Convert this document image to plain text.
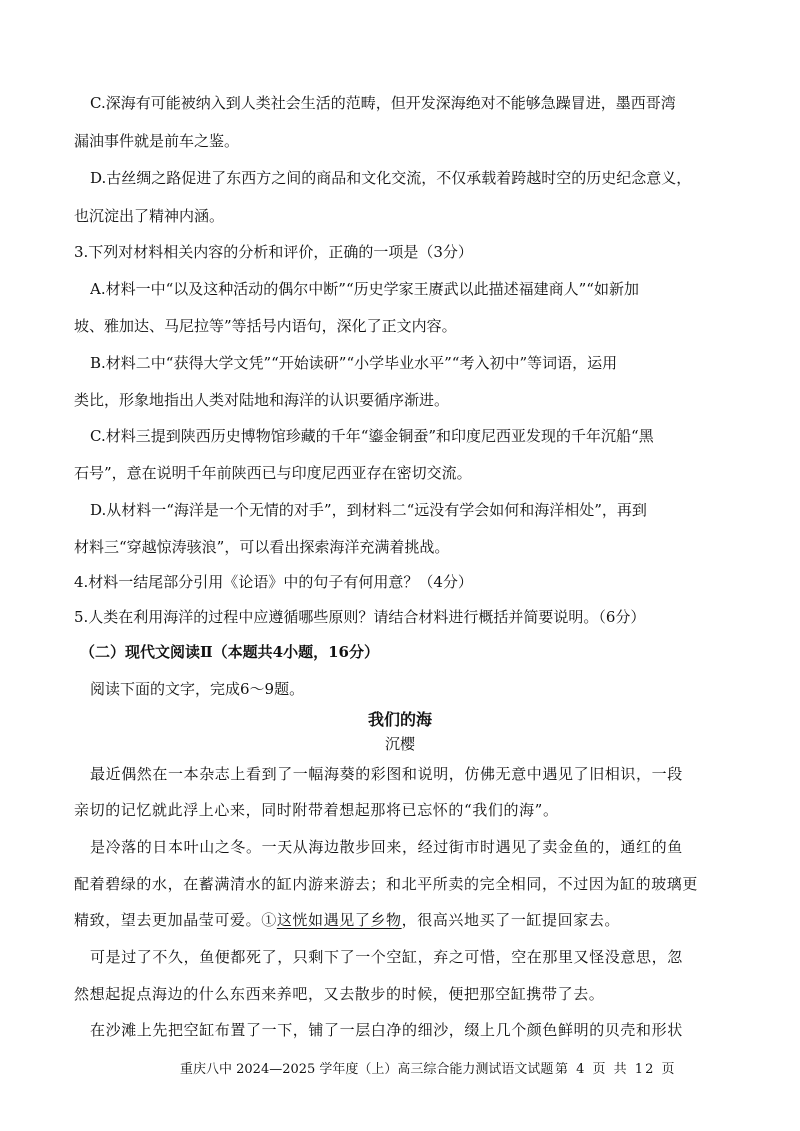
C.深海有可能被纳入到人类社会生活的范畴，但开发深海绝对不能够急躁冒进，墨西哥湾
漏油事件就是前车之鉴。
D.古丝绸之路促进了东西方之间的商品和文化交流，不仅承载着跨越时空的历史纪念意义，
也沉淀出了精神内涵。
3.下列对材料相关内容的分析和评价，正确的一项是（3分）
A.材料一中“以及这种活动的偶尔中断”“历史学家王赓武以此描述福建商人”“如新加
坡、雅加达、马尼拉等”等括号内语句，深化了正文内容。
B.材料二中“获得大学文凭”“开始读研”“小学毕业水平”“考入初中”等词语，运用
类比，形象地指出人类对陆地和海洋的认识要循序渐进。
C.材料三提到陕西历史博物馆珍藏的千年“鎏金铜蚕”和印度尼西亚发现的千年沉船“黑
石号”，意在说明千年前陕西已与印度尼西亚存在密切交流。
D.从材料一“海洋是一个无情的对手”，到材料二“远没有学会如何和海洋相处”，再到
材料三“穿越惊涛骇浪”，可以看出探索海洋充满着挑战。
4.材料一结尾部分引用《论语》中的句子有何用意？（4分）
5.人类在利用海洋的过程中应遵循哪些原则？请结合材料进行概括并简要说明。（6分）
（二）现代文阅读Ⅱ（本题共4小题，16分）
阅读下面的文字，完成6～9题。
我们的海
沉樱
最近偶然在一本杂志上看到了一幅海葵的彩图和说明，仿佛无意中遇见了旧相识，一段
亲切的记忆就此浮上心来，同时附带着想起那将已忘怀的“我们的海”。
是冷落的日本叶山之冬。一天从海边散步回来，经过街市时遇见了卖金鱼的，通红的鱼
配着碧绿的水，在蓄满清水的缸内游来游去；和北平所卖的完全相同，不过因为缸的玻璃更
精致，望去更加晶莹可爱。①这恍如遇见了乡物，很高兴地买了一缸提回家去。
可是过了不久，鱼便都死了，只剩下了一个空缸，弃之可惜，空在那里又怪没意思，忽
然想起捉点海边的什么东西来养吧，又去散步的时候，便把那空缸携带了去。
在沙滩上先把空缸布置了一下，铺了一层白净的细沙，缀上几个颜色鲜明的贝壳和形状
重庆八中 2024—2025 学年度（上）高三综合能力测试语文试题 第 4 页 共 12 页
